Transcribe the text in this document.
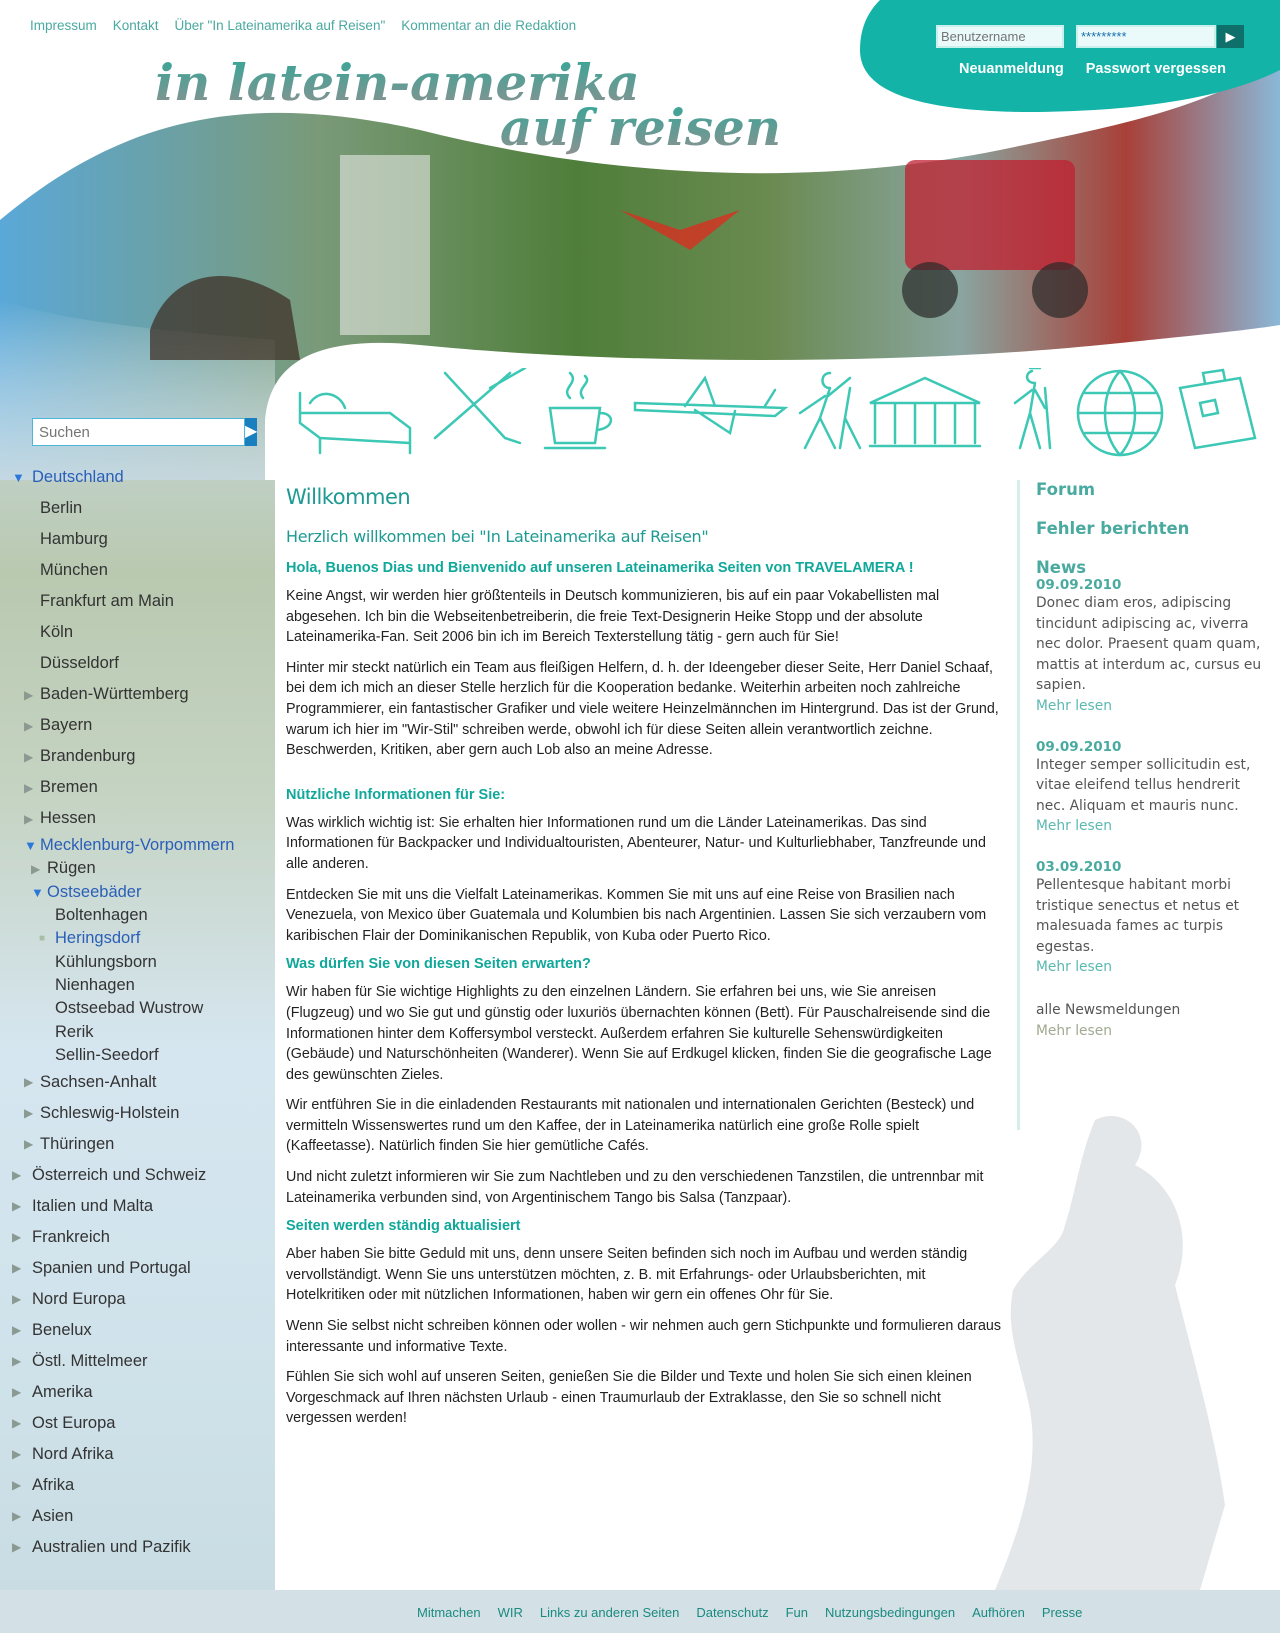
Impressum Kontakt Über "In Lateinamerika auf Reisen" Kommentar an die Redaktion
in latein-amerika
auf reisen
Benutzername
*********
▶
Neuanmeldung Passwort vergessen
Suchen
▶
▼ Deutschland
Berlin
Hamburg
München
Frankfurt am Main
Köln
Düsseldorf
▶ Baden-Württemberg
▶ Bayern
▶ Brandenburg
▶ Bremen
▶ Hessen
▼ Mecklenburg-Vorpommern
▶ Rügen
▼ Ostseebäder
Boltenhagen
■ Heringsdorf
Kühlungsborn
Nienhagen
Ostseebad Wustrow
Rerik
Sellin-Seedorf
▶ Sachsen-Anhalt
▶ Schleswig-Holstein
▶ Thüringen
▶ Österreich und Schweiz
▶ Italien und Malta
▶ Frankreich
▶ Spanien und Portugal
▶ Nord Europa
▶ Benelux
▶ Östl. Mittelmeer
▶ Amerika
▶ Ost Europa
▶ Nord Afrika
▶ Afrika
▶ Asien
▶ Australien und Pazifik
Willkommen
Herzlich willkommen bei "In Lateinamerika auf Reisen"
Hola, Buenos Dias und Bienvenido auf unseren Lateinamerika Seiten von TRAVELAMERA !

Keine Angst, wir werden hier größtenteils in Deutsch kommunizieren, bis auf ein paar Vokabellisten mal abgesehen. Ich bin die Webseitenbetreiberin, die freie Text-Designerin Heike Stopp und der absolute Lateinamerika-Fan. Seit 2006 bin ich im Bereich Texterstellung tätig - gern auch für Sie!

Hinter mir steckt natürlich ein Team aus fleißigen Helfern, d. h. der Ideengeber dieser Seite, Herr Daniel Schaaf, bei dem ich mich an dieser Stelle herzlich für die Kooperation bedanke. Weiterhin arbeiten noch zahlreiche Programmierer, ein fantastischer Grafiker und viele weitere Heinzelmännchen im Hintergrund. Das ist der Grund, warum ich hier im "Wir-Stil" schreiben werde, obwohl ich für diese Seiten allein verantwortlich zeichne. Beschwerden, Kritiken, aber gern auch Lob also an meine Adresse.

Nützliche Informationen für Sie:

Was wirklich wichtig ist: Sie erhalten hier Informationen rund um die Länder Lateinamerikas. Das sind Informationen für Backpacker und Individualtouristen, Abenteurer, Natur- und Kulturliebhaber, Tanzfreunde und alle anderen.

Entdecken Sie mit uns die Vielfalt Lateinamerikas. Kommen Sie mit uns auf eine Reise von Brasilien nach Venezuela, von Mexico über Guatemala und Kolumbien bis nach Argentinien. Lassen Sie sich verzaubern vom karibischen Flair der Dominikanischen Republik, von Kuba oder Puerto Rico.

Was dürfen Sie von diesen Seiten erwarten?

Wir haben für Sie wichtige Highlights zu den einzelnen Ländern. Sie erfahren bei uns, wie Sie anreisen (Flugzeug) und wo Sie gut und günstig oder luxuriös übernachten können (Bett). Für Pauschalreisende sind die Informationen hinter dem Koffersymbol versteckt. Außerdem erfahren Sie kulturelle Sehenswürdigkeiten (Gebäude) und Naturschönheiten (Wanderer). Wenn Sie auf Erdkugel klicken, finden Sie die geografische Lage des gewünschten Zieles.

Wir entführen Sie in die einladenden Restaurants mit nationalen und internationalen Gerichten (Besteck) und vermitteln Wissenswertes rund um den Kaffee, der in Lateinamerika natürlich eine große Rolle spielt (Kaffeetasse). Natürlich finden Sie hier gemütliche Cafés.

Und nicht zuletzt informieren wir Sie zum Nachtleben und zu den verschiedenen Tanzstilen, die untrennbar mit Lateinamerika verbunden sind, von Argentinischem Tango bis Salsa (Tanzpaar).

Seiten werden ständig aktualisiert

Aber haben Sie bitte Geduld mit uns, denn unsere Seiten befinden sich noch im Aufbau und werden ständig vervollständigt. Wenn Sie uns unterstützen möchten, z. B. mit Erfahrungs- oder Urlaubsberichten, mit Hotelkritiken oder mit nützlichen Informationen, haben wir gern ein offenes Ohr für Sie.

Wenn Sie selbst nicht schreiben können oder wollen - wir nehmen auch gern Stichpunkte und formulieren daraus interessante und informative Texte.

Fühlen Sie sich wohl auf unseren Seiten, genießen Sie die Bilder und Texte und holen Sie sich einen kleinen Vorgeschmack auf Ihren nächsten Urlaub - einen Traumurlaub der Extraklasse, den Sie so schnell nicht vergessen werden!

Forum
Fehler berichten
News
09.09.2010
Donec diam eros, adipiscing tincidunt adipiscing ac, viverra nec dolor. Praesent quam quam, mattis at interdum ac, cursus eu sapien.
Mehr lesen
09.09.2010
Integer semper sollicitudin est, vitae eleifend tellus hendrerit nec. Aliquam et mauris nunc.
Mehr lesen
03.09.2010
Pellentesque habitant morbi tristique senectus et netus et malesuada fames ac turpis egestas.
Mehr lesen
alle Newsmeldungen
Mehr lesen
Mitmachen WIR Links zu anderen Seiten Datenschutz Fun Nutzungsbedingungen Aufhören Presse
